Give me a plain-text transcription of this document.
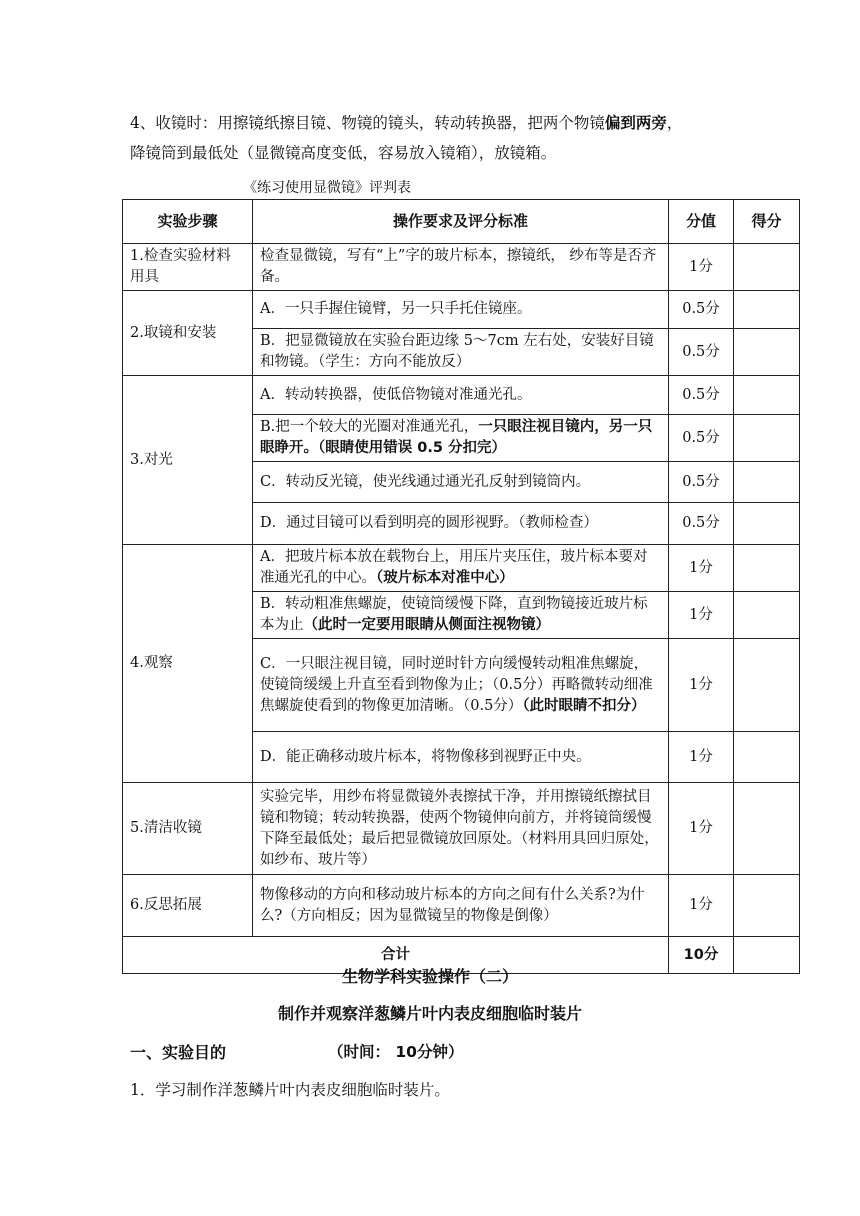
4、收镜时：用擦镜纸擦目镜、物镜的镜头，转动转换器，把两个物镜偏到两旁，
降镜筒到最低处（显微镜高度变低，容易放入镜箱），放镜箱。
《练习使用显微镜》评判表
实验步骤	操作要求及评分标准	分值	得分
1.检查实验材料用具	检查显微镜，写有“上”字的玻片标本，擦镜纸， 纱布等是否齐备。	1分	
2.取镜和安装	A．一只手握住镜臂，另一只手托住镜座。	0.5分	
	B．把显微镜放在实验台距边缘 5～7cm 左右处，安装好目镜和物镜。（学生：方向不能放反）	0.5分	
3.对光	A．转动转换器，使低倍物镜对准通光孔。	0.5分	
	B.把一个较大的光圈对准通光孔，一只眼注视目镜内，另一只眼睁开。（眼睛使用错误 0.5 分扣完）	0.5分	
	C．转动反光镜，使光线通过通光孔反射到镜筒内。	0.5分	
	D．通过目镜可以看到明亮的圆形视野。（教师检查）	0.5分	
4.观察	A．把玻片标本放在载物台上，用压片夹压住，玻片标本要对准通光孔的中心。（玻片标本对准中心）	1分	
	B．转动粗准焦螺旋，使镜筒缓慢下降，直到物镜接近玻片标本为止（此时一定要用眼睛从侧面注视物镜）	1分	
	C．一只眼注视目镜，同时逆时针方向缓慢转动粗准焦螺旋，使镜筒缓缓上升直至看到物像为止；（0.5分）再略微转动细准焦螺旋使看到的物像更加清晰。（0.5分）（此时眼睛不扣分）	1分	
	D．能正确移动玻片标本，将物像移到视野正中央。	1分	
5.清洁收镜	实验完毕，用纱布将显微镜外表擦拭干净，并用擦镜纸擦拭目镜和物镜；转动转换器，使两个物镜伸向前方，并将镜筒缓慢下降至最低处；最后把显微镜放回原处。（材料用具回归原处，如纱布、玻片等）	1分	
6.反思拓展	物像移动的方向和移动玻片标本的方向之间有什么关系?为什么?（方向相反；因为显微镜呈的物像是倒像）	1分	
合计		10分	
生物学科实验操作（二）
制作并观察洋葱鳞片叶内表皮细胞临时装片
一、实验目的	（时间： 10分钟）
1．学习制作洋葱鳞片叶内表皮细胞临时装片。
